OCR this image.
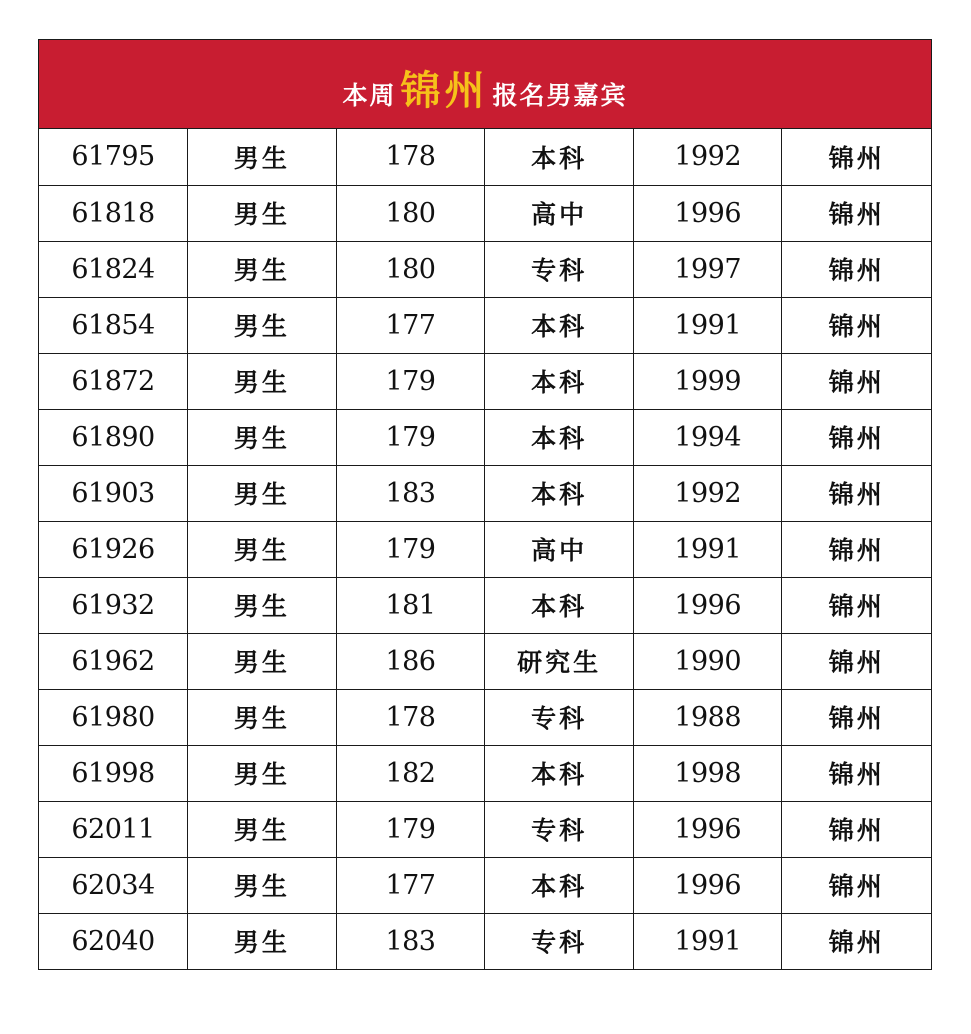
本周 锦州 报名男嘉宾
61795	男生	178	本科	1992	锦州
61818	男生	180	高中	1996	锦州
61824	男生	180	专科	1997	锦州
61854	男生	177	本科	1991	锦州
61872	男生	179	本科	1999	锦州
61890	男生	179	本科	1994	锦州
61903	男生	183	本科	1992	锦州
61926	男生	179	高中	1991	锦州
61932	男生	181	本科	1996	锦州
61962	男生	186	研究生	1990	锦州
61980	男生	178	专科	1988	锦州
61998	男生	182	本科	1998	锦州
62011	男生	179	专科	1996	锦州
62034	男生	177	本科	1996	锦州
62040	男生	183	专科	1991	锦州
